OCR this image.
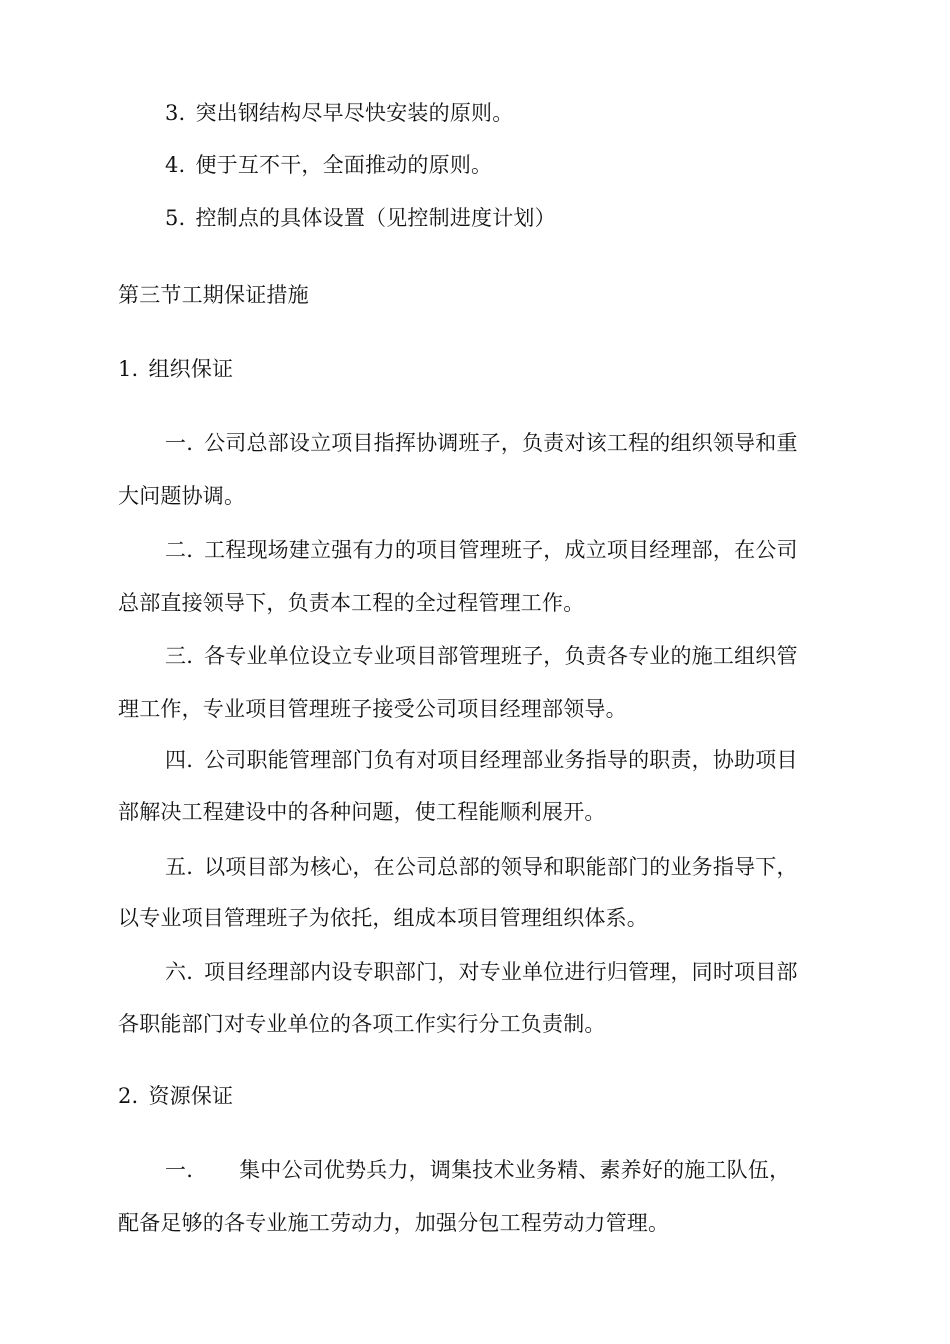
3. 突出钢结构尽早尽快安装的原则。
4. 便于互不干，全面推动的原则。
5. 控制点的具体设置（见控制进度计划）
第三节工期保证措施
1. 组织保证
一. 公司总部设立项目指挥协调班子，负责对该工程的组织领导和重
大问题协调。
二. 工程现场建立强有力的项目管理班子，成立项目经理部，在公司
总部直接领导下，负责本工程的全过程管理工作。
三. 各专业单位设立专业项目部管理班子，负责各专业的施工组织管
理工作，专业项目管理班子接受公司项目经理部领导。
四. 公司职能管理部门负有对项目经理部业务指导的职责，协助项目
部解决工程建设中的各种问题，使工程能顺利展开。
五. 以项目部为核心，在公司总部的领导和职能部门的业务指导下，
以专业项目管理班子为依托，组成本项目管理组织体系。
六. 项目经理部内设专职部门，对专业单位进行归管理，同时项目部
各职能部门对专业单位的各项工作实行分工负责制。
2. 资源保证
一. 集中公司优势兵力，调集技术业务精、素养好的施工队伍，
配备足够的各专业施工劳动力，加强分包工程劳动力管理。
